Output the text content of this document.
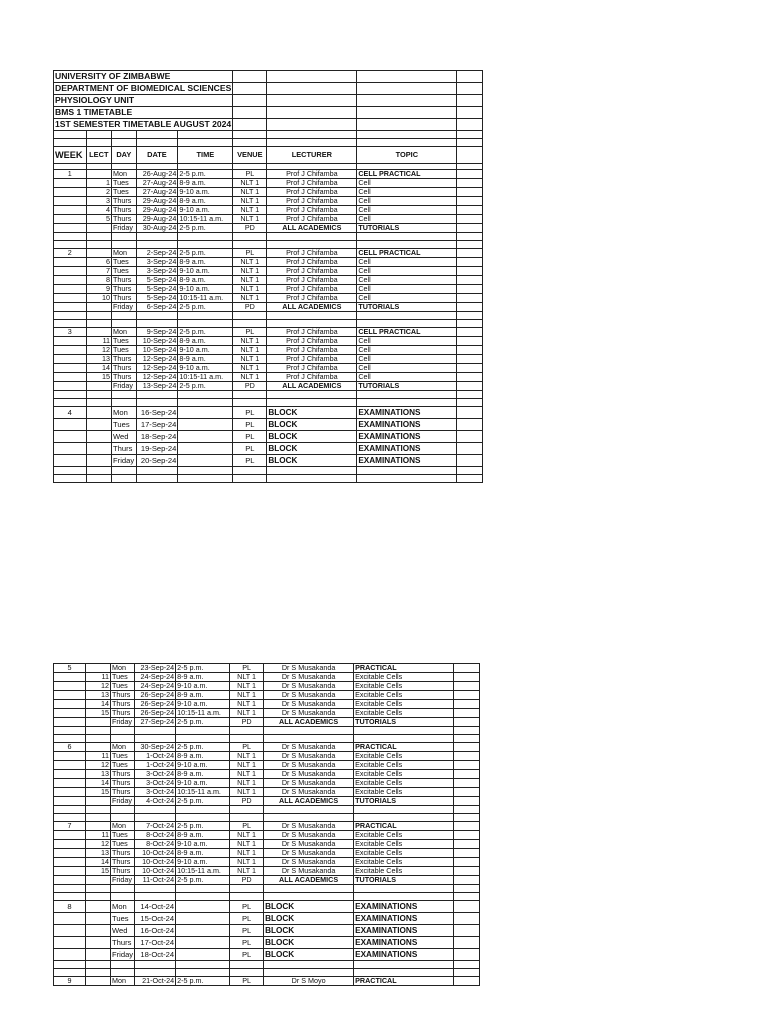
UNIVERSITY OF ZIMBABWE								
DEPARTMENT OF BIOMEDICAL SCIENCES								
PHYSIOLOGY UNIT								
BMS 1 TIMETABLE								
1ST SEMESTER TIMETABLE AUGUST 2024								

WEEK	LECT	DAY	DATE	TIME	VENUE	LECTURER	TOPIC	

1		Mon	26-Aug-24	2-5 p.m.	PL	Prof J Chifamba	CELL PRACTICAL	
	1	Tues	27-Aug-24	8-9 a.m.	NLT 1	Prof J Chifamba	Cell	
	2	Tues	27-Aug-24	9-10 a.m.	NLT 1	Prof J Chifamba	Cell	
	3	Thurs	29-Aug-24	8-9 a.m.	NLT 1	Prof J Chifamba	Cell	
	4	Thurs	29-Aug-24	9-10 a.m.	NLT 1	Prof J Chifamba	Cell	
	5	Thurs	29-Aug-24	10:15-11 a.m.	NLT 1	Prof J Chifamba	Cell	
		Friday	30-Aug-24	2-5 p.m.	PD	ALL ACADEMICS	TUTORIALS	

2		Mon	2-Sep-24	2-5 p.m.	PL	Prof J Chifamba	CELL PRACTICAL	
	6	Tues	3-Sep-24	8-9 a.m.	NLT 1	Prof J Chifamba	Cell	
	7	Tues	3-Sep-24	9-10 a.m.	NLT 1	Prof J Chifamba	Cell	
	8	Thurs	5-Sep-24	8-9 a.m.	NLT 1	Prof J Chifamba	Cell	
	9	Thurs	5-Sep-24	9-10 a.m.	NLT 1	Prof J Chifamba	Cell	
	10	Thurs	5-Sep-24	10:15-11 a.m.	NLT 1	Prof J Chifamba	Cell	
		Friday	6-Sep-24	2-5 p.m.	PD	ALL ACADEMICS	TUTORIALS	

3		Mon	9-Sep-24	2-5 p.m.	PL	Prof J Chifamba	CELL PRACTICAL	
	11	Tues	10-Sep-24	8-9 a.m.	NLT 1	Prof J Chifamba	Cell	
	12	Tues	10-Sep-24	9-10 a.m.	NLT 1	Prof J Chifamba	Cell	
	13	Thurs	12-Sep-24	8-9 a.m.	NLT 1	Prof J Chifamba	Cell	
	14	Thurs	12-Sep-24	9-10 a.m.	NLT 1	Prof J Chifamba	Cell	
	15	Thurs	12-Sep-24	10:15-11 a.m.	NLT 1	Prof J Chifamba	Cell	
		Friday	13-Sep-24	2-5 p.m.	PD	ALL ACADEMICS	TUTORIALS	

4		Mon	16-Sep-24		PL	BLOCK	EXAMINATIONS	
		Tues	17-Sep-24		PL	BLOCK	EXAMINATIONS	
		Wed	18-Sep-24		PL	BLOCK	EXAMINATIONS	
		Thurs	19-Sep-24		PL	BLOCK	EXAMINATIONS	
		Friday	20-Sep-24		PL	BLOCK	EXAMINATIONS	

5		Mon	23-Sep-24	2-5 p.m.	PL	Dr S Musakanda	PRACTICAL	
	11	Tues	24-Sep-24	8-9 a.m.	NLT 1	Dr S Musakanda	Excitable Cells	
	12	Tues	24-Sep-24	9-10 a.m.	NLT 1	Dr S Musakanda	Excitable Cells	
	13	Thurs	26-Sep-24	8-9 a.m.	NLT 1	Dr S Musakanda	Excitable Cells	
	14	Thurs	26-Sep-24	9-10 a.m.	NLT 1	Dr S Musakanda	Excitable Cells	
	15	Thurs	26-Sep-24	10:15-11 a.m.	NLT 1	Dr S Musakanda	Excitable Cells	
		Friday	27-Sep-24	2-5 p.m.	PD	ALL ACADEMICS	TUTORIALS	

6		Mon	30-Sep-24	2-5 p.m.	PL	Dr S Musakanda	PRACTICAL	
	11	Tues	1-Oct-24	8-9 a.m.	NLT 1	Dr S Musakanda	Excitable Cells	
	12	Tues	1-Oct-24	9-10 a.m.	NLT 1	Dr S Musakanda	Excitable Cells	
	13	Thurs	3-Oct-24	8-9 a.m.	NLT 1	Dr S Musakanda	Excitable Cells	
	14	Thurs	3-Oct-24	9-10 a.m.	NLT 1	Dr S Musakanda	Excitable Cells	
	15	Thurs	3-Oct-24	10:15-11 a.m.	NLT 1	Dr S Musakanda	Excitable Cells	
		Friday	4-Oct-24	2-5 p.m.	PD	ALL ACADEMICS	TUTORIALS	

7		Mon	7-Oct-24	2-5 p.m.	PL	Dr S Musakanda	PRACTICAL	
	11	Tues	8-Oct-24	8-9 a.m.	NLT 1	Dr S Musakanda	Excitable Cells	
	12	Tues	8-Oct-24	9-10 a.m.	NLT 1	Dr S Musakanda	Excitable Cells	
	13	Thurs	10-Oct-24	8-9 a.m.	NLT 1	Dr S Musakanda	Excitable Cells	
	14	Thurs	10-Oct-24	9-10 a.m.	NLT 1	Dr S Musakanda	Excitable Cells	
	15	Thurs	10-Oct-24	10:15-11 a.m.	NLT 1	Dr S Musakanda	Excitable Cells	
		Friday	11-Oct-24	2-5 p.m.	PD	ALL ACADEMICS	TUTORIALS	

8		Mon	14-Oct-24		PL	BLOCK	EXAMINATIONS	
		Tues	15-Oct-24		PL	BLOCK	EXAMINATIONS	
		Wed	16-Oct-24		PL	BLOCK	EXAMINATIONS	
		Thurs	17-Oct-24		PL	BLOCK	EXAMINATIONS	
		Friday	18-Oct-24		PL	BLOCK	EXAMINATIONS	

9		Mon	21-Oct-24	2-5 p.m.	PL	Dr S Moyo	PRACTICAL	
